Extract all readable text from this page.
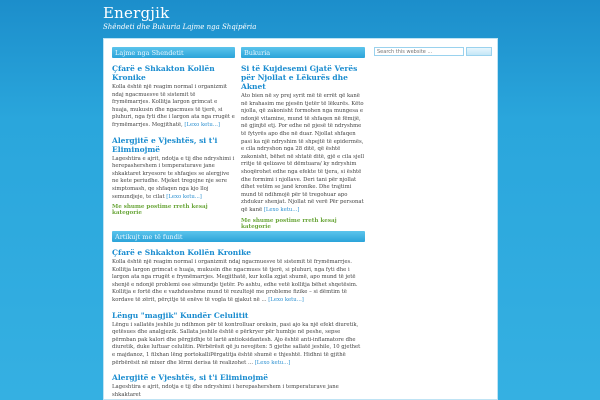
Energjik
Shëndeti dhe Bukuria Lajme nga Shqipëria
Lajme nga Shendetit
Çfarë e Shkakton Kollën Kronike
Kolla është një reagim normal i organizmit ndaj ngacmuesve të sistemit të frymëmarrjes. Kollitja largon grimcat e huaja, mukusin dhe ngacmues të tjerë, si pluhuri, nga fyti dhe i largon ata nga rrugët e frymëmarrjes. Megjithatë, [Lexo ketu...]
Alergjitë e Vjeshtës, si t'i Eliminojmë
Lageshtira e ajrit, ndotja e tij dhe ndryshimi i herepashershem i temperaturave jane shkaktaret kryesore te shfaqjes se alergjive ne kete periudhe. Mjeket tregojne nje sere simptomash, qe shfaqen nga kjo lloj semundjeje, te cilat [Lexo ketu...]
Me shume postime rreth kesaj kategorie
Bukuria
Si të Kujdesemi Gjatë Verës për Njollat e Lëkurës dhe Aknet
Ato bien në sy prej syrit më të errët që kanë në krahasim me pjesën tjetër të lëkurës. Këto njolla, që zakonisht formohen nga mungesa e ndonjë vitamine, mund të shfaqen në fëmijë, në gjinjtë etj. Por edhe në pjesë të ndryshme të fytyrës apo dhe në duar. Njollat shfaqen pasi ka një ndryshim të shpejtë të epidermës, e cila ndryshon nga 28 ditë, që është zakonisht, bëhet në shtatë ditë, gjë e cila sjell rritje të qelizave të dëmtuara/ ky ndryshim shoqërohet edhe nga efekte të tjera, si është dhe formimi i njollave. Deri tani për njollat dihet vetëm se janë kronike. Dhe trajtimi mund të ndihmojë për të tregohuar apo zhdukur shenjat. Njollat në verë Për personat që kanë [Lexo ketu...]
Me shume postime rreth kesaj kategorie
Search this website ...
Artikujt me të fundit
Çfarë e Shkakton Kollën Kronike
Kolla është një reagim normal i organizmit ndaj ngacmuesve të sistemit të frymëmarrjes. Kollitja largon grimcat e huaja, mukusin dhe ngacmues të tjerë, si pluhuri, nga fyti dhe i largon ata nga rrugët e frymëmarrjes. Megjithatë, kur kolla zgjat shumë, apo mund të jetë shenjë e ndonjë problemi ose sëmundje tjetër. Po ashtu, edhe vetë kollitja bëhet shqetësim. Kollitja e fortë dhe e vazhdueshme mund të rezultojë me probleme fizike – si dëmtim të kordave të zërit, përçitje të enëve të vogla të gjakut në ... [Lexo ketu...]
Lëngu "magjik" Kundër Celulitit
Lëngu i sallatës jeshile ju ndihmon për të kontrolluar oreksin, pasi ajo ka një efekt diuretik, qetësues dhe analgjezik. Sallata jeshile është e përkryer për humbje në peshe, sepse përmban pak kalori dhe përgjidhje të lartë antioksidantesh. Ajo është anti-inflamatore dhe diuretik, duke luftuar celulitin. Përbërësit që ju nevojiten: 5 gjethe sallatë jeshile, 10 gjethet e majdanoz, 1 filxhan lëng portokalliPërgatitja është shumë e thjeshtë. Hidhni të gjithë përbërësit në mixer dhe lërmi derisa të realizohet ... [Lexo ketu...]
Alergjitë e Vjeshtës, si t'i Eliminojmë
Lageshtira e ajrit, ndotja e tij dhe ndryshimi i herepashershem i temperaturave jane shkaktaret
